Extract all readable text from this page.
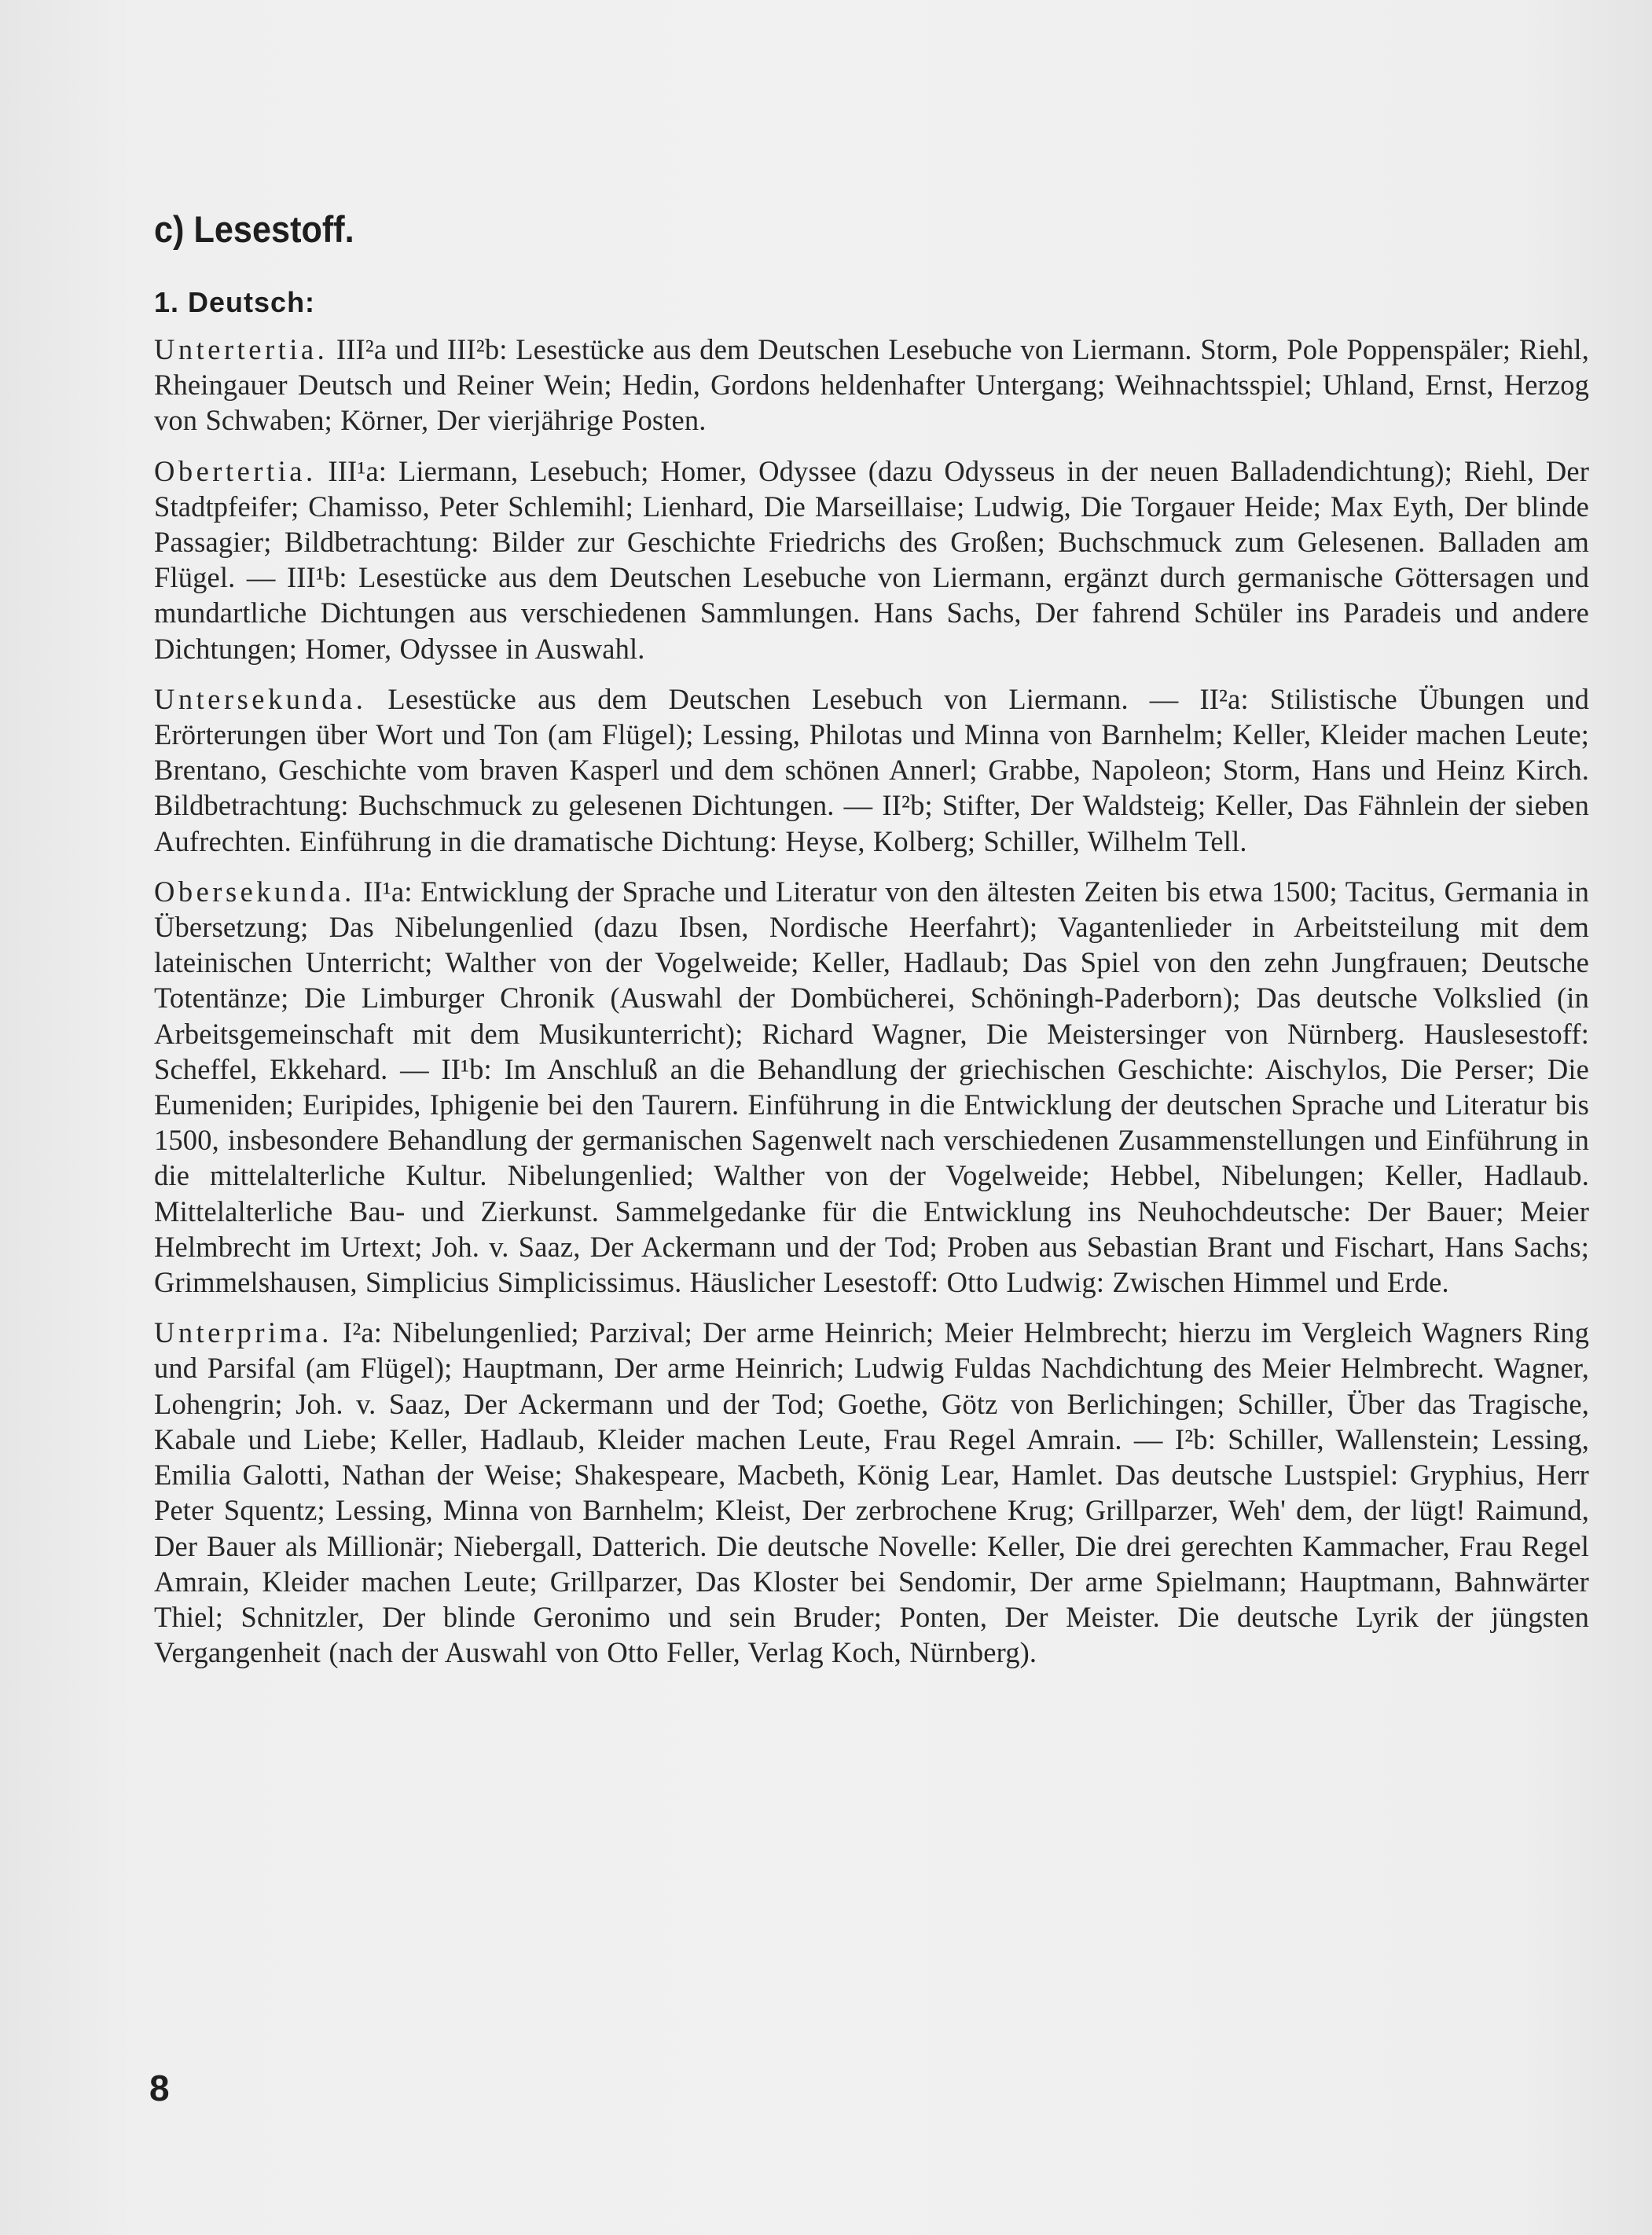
c) Lesestoff.
1. Deutsch:

Untertertia. III²a und III²b: Lesestücke aus dem Deutschen Lesebuche von Liermann. Storm, Pole Poppenspäler; Riehl, Rheingauer Deutsch und Reiner Wein; Hedin, Gordons heldenhafter Untergang; Weihnachtsspiel; Uhland, Ernst, Herzog von Schwaben; Körner, Der vierjährige Posten.

Obertertia. III¹a: Liermann, Lesebuch; Homer, Odyssee (dazu Odysseus in der neuen Balladendichtung); Riehl, Der Stadtpfeifer; Chamisso, Peter Schlemihl; Lienhard, Die Marseillaise; Ludwig, Die Torgauer Heide; Max Eyth, Der blinde Passagier; Bildbetrachtung: Bilder zur Geschichte Friedrichs des Großen; Buchschmuck zum Gelesenen. Balladen am Flügel. — III¹b: Lesestücke aus dem Deutschen Lesebuche von Liermann, ergänzt durch germanische Göttersagen und mundartliche Dichtungen aus verschiedenen Sammlungen. Hans Sachs, Der fahrend Schüler ins Paradeis und andere Dichtungen; Homer, Odyssee in Auswahl.

Untersekunda. Lesestücke aus dem Deutschen Lesebuch von Liermann. — II²a: Stilistische Übungen und Erörterungen über Wort und Ton (am Flügel); Lessing, Philotas und Minna von Barnhelm; Keller, Kleider machen Leute; Brentano, Geschichte vom braven Kasperl und dem schönen Annerl; Grabbe, Napoleon; Storm, Hans und Heinz Kirch. Bildbetrachtung: Buchschmuck zu gelesenen Dichtungen. — II²b; Stifter, Der Waldsteig; Keller, Das Fähnlein der sieben Aufrechten. Einführung in die dramatische Dichtung: Heyse, Kolberg; Schiller, Wilhelm Tell.

Obersekunda. II¹a: Entwicklung der Sprache und Literatur von den ältesten Zeiten bis etwa 1500; Tacitus, Germania in Übersetzung; Das Nibelungenlied (dazu Ibsen, Nordische Heerfahrt); Vagantenlieder in Arbeitsteilung mit dem lateinischen Unterricht; Walther von der Vogelweide; Keller, Hadlaub; Das Spiel von den zehn Jungfrauen; Deutsche Totentänze; Die Limburger Chronik (Auswahl der Dombücherei, Schöningh-Paderborn); Das deutsche Volkslied (in Arbeitsgemeinschaft mit dem Musikunterricht); Richard Wagner, Die Meistersinger von Nürnberg. Hauslesestoff: Scheffel, Ekkehard. — II¹b: Im Anschluß an die Behandlung der griechischen Geschichte: Aischylos, Die Perser; Die Eumeniden; Euripides, Iphigenie bei den Taurern. Einführung in die Entwicklung der deutschen Sprache und Literatur bis 1500, insbesondere Behandlung der germanischen Sagenwelt nach verschiedenen Zusammenstellungen und Einführung in die mittelalterliche Kultur. Nibelungenlied; Walther von der Vogelweide; Hebbel, Nibelungen; Keller, Hadlaub. Mittelalterliche Bau- und Zierkunst. Sammelgedanke für die Entwicklung ins Neuhochdeutsche: Der Bauer; Meier Helmbrecht im Urtext; Joh. v. Saaz, Der Ackermann und der Tod; Proben aus Sebastian Brant und Fischart, Hans Sachs; Grimmelshausen, Simplicius Simplicissimus. Häuslicher Lesestoff: Otto Ludwig: Zwischen Himmel und Erde.

Unterprima. I²a: Nibelungenlied; Parzival; Der arme Heinrich; Meier Helmbrecht; hierzu im Vergleich Wagners Ring und Parsifal (am Flügel); Hauptmann, Der arme Heinrich; Ludwig Fuldas Nachdichtung des Meier Helmbrecht. Wagner, Lohengrin; Joh. v. Saaz, Der Ackermann und der Tod; Goethe, Götz von Berlichingen; Schiller, Über das Tragische, Kabale und Liebe; Keller, Hadlaub, Kleider machen Leute, Frau Regel Amrain. — I²b: Schiller, Wallenstein; Lessing, Emilia Galotti, Nathan der Weise; Shakespeare, Macbeth, König Lear, Hamlet. Das deutsche Lustspiel: Gryphius, Herr Peter Squentz; Lessing, Minna von Barnhelm; Kleist, Der zerbrochene Krug; Grillparzer, Weh' dem, der lügt! Raimund, Der Bauer als Millionär; Niebergall, Datterich. Die deutsche Novelle: Keller, Die drei gerechten Kammacher, Frau Regel Amrain, Kleider machen Leute; Grillparzer, Das Kloster bei Sendomir, Der arme Spielmann; Hauptmann, Bahnwärter Thiel; Schnitzler, Der blinde Geronimo und sein Bruder; Ponten, Der Meister. Die deutsche Lyrik der jüngsten Vergangenheit (nach der Auswahl von Otto Feller, Verlag Koch, Nürnberg).

8
